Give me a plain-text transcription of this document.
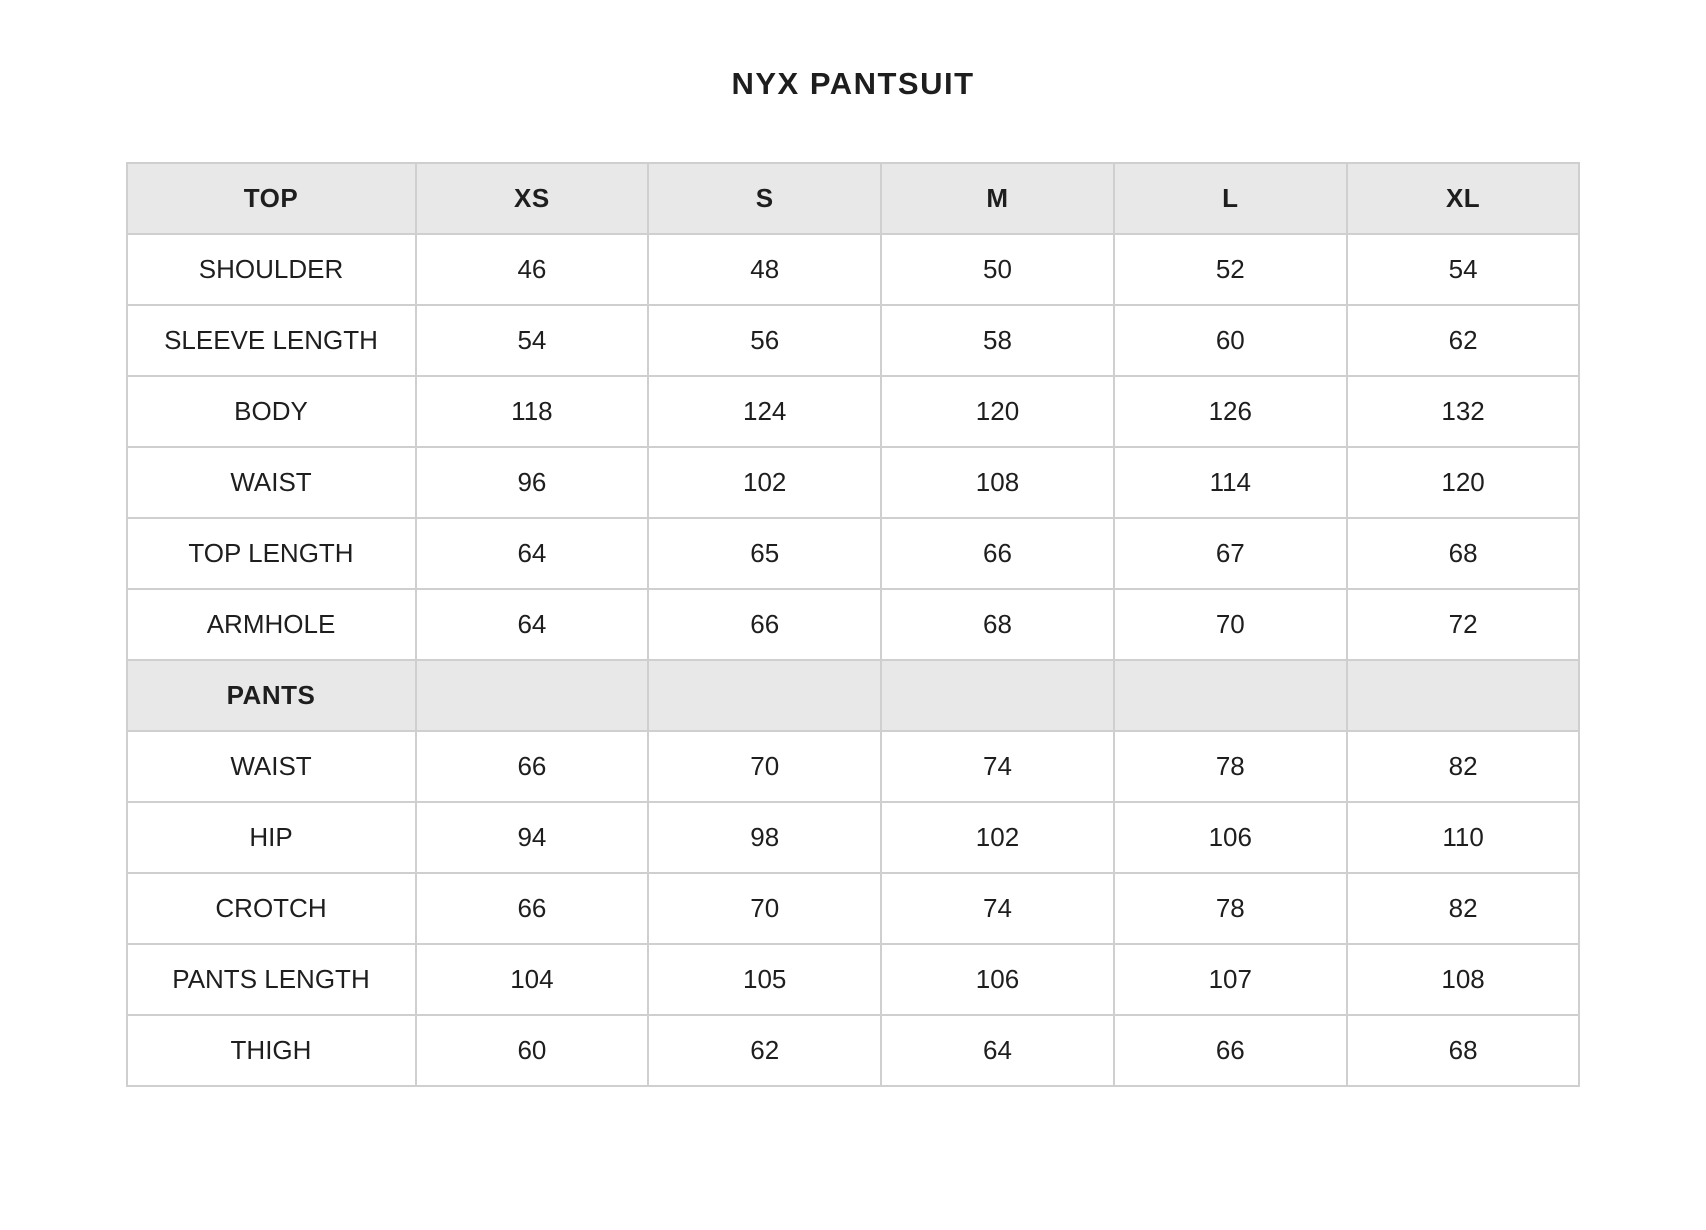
NYX PANTSUIT
TOP	XS	S	M	L	XL
SHOULDER	46	48	50	52	54
SLEEVE LENGTH	54	56	58	60	62
BODY	118	124	120	126	132
WAIST	96	102	108	114	120
TOP LENGTH	64	65	66	67	68
ARMHOLE	64	66	68	70	72
PANTS					
WAIST	66	70	74	78	82
HIP	94	98	102	106	110
CROTCH	66	70	74	78	82
PANTS LENGTH	104	105	106	107	108
THIGH	60	62	64	66	68
